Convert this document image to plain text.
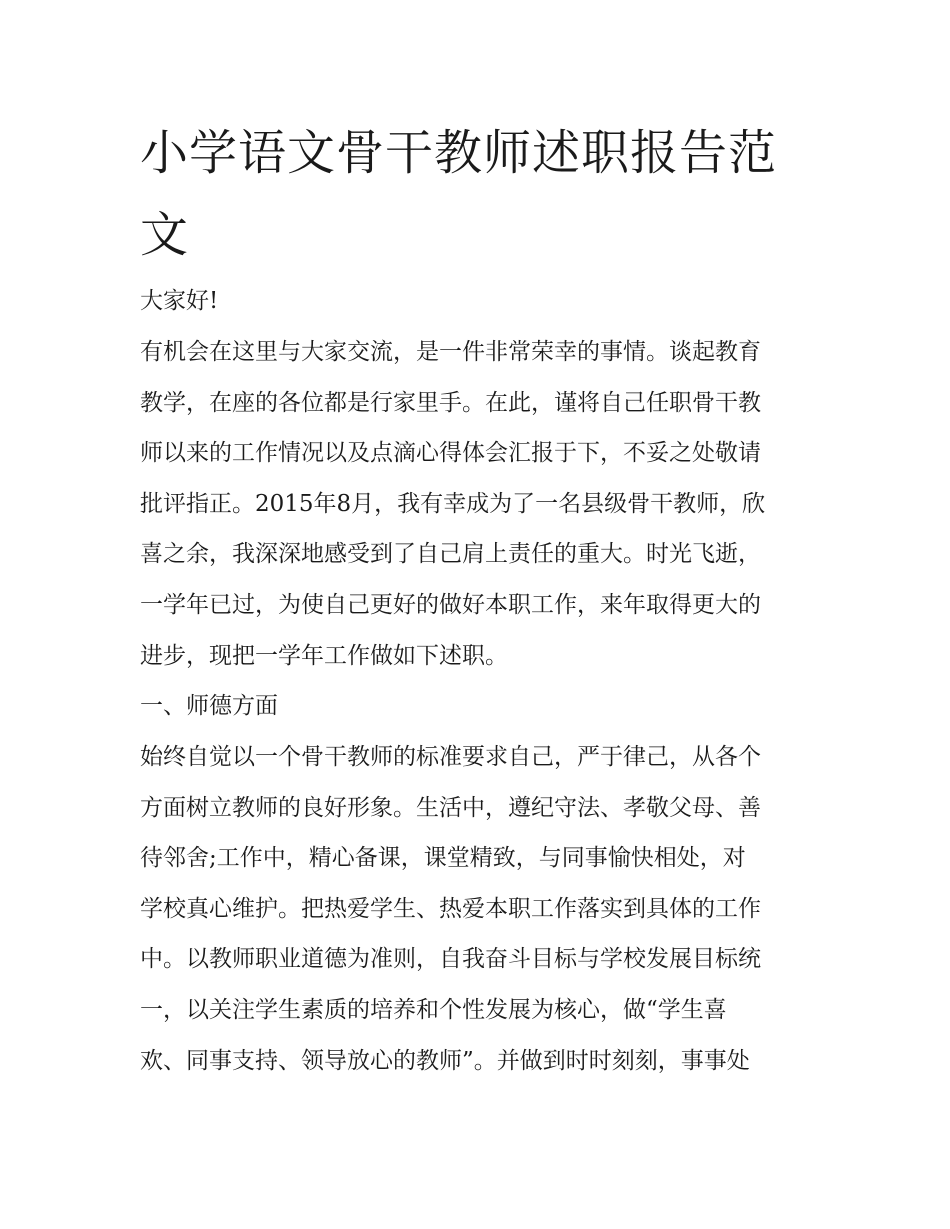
小学语文骨干教师述职报告范文

大家好!

有机会在这里与大家交流，是一件非常荣幸的事情。谈起教育

教学，在座的各位都是行家里手。在此，谨将自己任职骨干教

师以来的工作情况以及点滴心得体会汇报于下，不妥之处敬请

批评指正。2015年8月，我有幸成为了一名县级骨干教师，欣

喜之余，我深深地感受到了自己肩上责任的重大。时光飞逝，

一学年已过，为使自己更好的做好本职工作，来年取得更大的

进步，现把一学年工作做如下述职。

一、师德方面

始终自觉以一个骨干教师的标准要求自己，严于律己，从各个

方面树立教师的良好形象。生活中，遵纪守法、孝敬父母、善

待邻舍;工作中，精心备课，课堂精致，与同事愉快相处，对

学校真心维护。把热爱学生、热爱本职工作落实到具体的工作

中。以教师职业道德为准则，自我奋斗目标与学校发展目标统

一，以关注学生素质的培养和个性发展为核心，做“学生喜

欢、同事支持、领导放心的教师”。并做到时时刻刻，事事处
